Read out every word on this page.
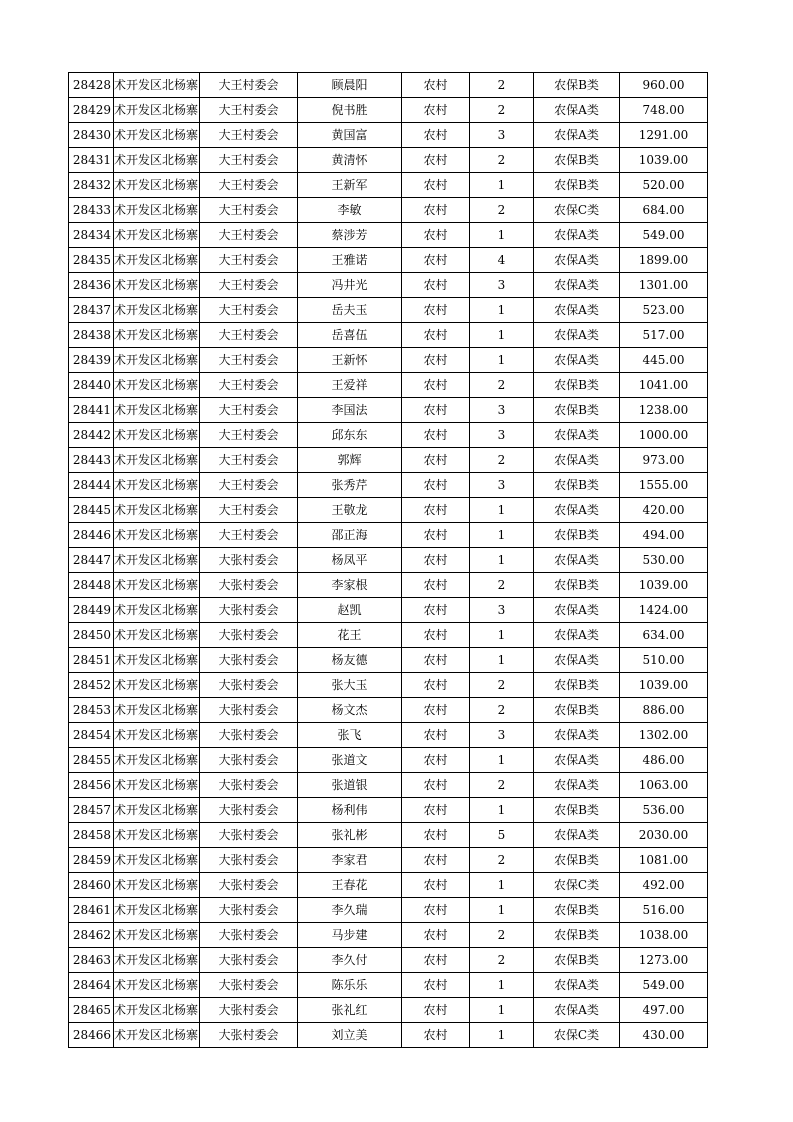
28428	术开发区北杨寨	大王村委会	顾晨阳	农村	2	农保B类	960.00
28429	术开发区北杨寨	大王村委会	倪书胜	农村	2	农保A类	748.00
28430	术开发区北杨寨	大王村委会	黄国富	农村	3	农保A类	1291.00
28431	术开发区北杨寨	大王村委会	黄清怀	农村	2	农保B类	1039.00
28432	术开发区北杨寨	大王村委会	王新军	农村	1	农保B类	520.00
28433	术开发区北杨寨	大王村委会	李敏	农村	2	农保C类	684.00
28434	术开发区北杨寨	大王村委会	蔡涉芳	农村	1	农保A类	549.00
28435	术开发区北杨寨	大王村委会	王雅诺	农村	4	农保A类	1899.00
28436	术开发区北杨寨	大王村委会	冯井光	农村	3	农保A类	1301.00
28437	术开发区北杨寨	大王村委会	岳夫玉	农村	1	农保A类	523.00
28438	术开发区北杨寨	大王村委会	岳喜伍	农村	1	农保A类	517.00
28439	术开发区北杨寨	大王村委会	王新怀	农村	1	农保A类	445.00
28440	术开发区北杨寨	大王村委会	王爱祥	农村	2	农保B类	1041.00
28441	术开发区北杨寨	大王村委会	李国法	农村	3	农保B类	1238.00
28442	术开发区北杨寨	大王村委会	邱东东	农村	3	农保A类	1000.00
28443	术开发区北杨寨	大王村委会	郭辉	农村	2	农保A类	973.00
28444	术开发区北杨寨	大王村委会	张秀芹	农村	3	农保B类	1555.00
28445	术开发区北杨寨	大王村委会	王敬龙	农村	1	农保A类	420.00
28446	术开发区北杨寨	大王村委会	邵正海	农村	1	农保B类	494.00
28447	术开发区北杨寨	大张村委会	杨凤平	农村	1	农保A类	530.00
28448	术开发区北杨寨	大张村委会	李家根	农村	2	农保B类	1039.00
28449	术开发区北杨寨	大张村委会	赵凯	农村	3	农保A类	1424.00
28450	术开发区北杨寨	大张村委会	花王	农村	1	农保A类	634.00
28451	术开发区北杨寨	大张村委会	杨友德	农村	1	农保A类	510.00
28452	术开发区北杨寨	大张村委会	张大玉	农村	2	农保B类	1039.00
28453	术开发区北杨寨	大张村委会	杨文杰	农村	2	农保B类	886.00
28454	术开发区北杨寨	大张村委会	张飞	农村	3	农保A类	1302.00
28455	术开发区北杨寨	大张村委会	张道文	农村	1	农保A类	486.00
28456	术开发区北杨寨	大张村委会	张道银	农村	2	农保A类	1063.00
28457	术开发区北杨寨	大张村委会	杨利伟	农村	1	农保B类	536.00
28458	术开发区北杨寨	大张村委会	张礼彬	农村	5	农保A类	2030.00
28459	术开发区北杨寨	大张村委会	李家君	农村	2	农保B类	1081.00
28460	术开发区北杨寨	大张村委会	王春花	农村	1	农保C类	492.00
28461	术开发区北杨寨	大张村委会	李久瑞	农村	1	农保B类	516.00
28462	术开发区北杨寨	大张村委会	马步建	农村	2	农保B类	1038.00
28463	术开发区北杨寨	大张村委会	李久付	农村	2	农保B类	1273.00
28464	术开发区北杨寨	大张村委会	陈乐乐	农村	1	农保A类	549.00
28465	术开发区北杨寨	大张村委会	张礼红	农村	1	农保A类	497.00
28466	术开发区北杨寨	大张村委会	刘立美	农村	1	农保C类	430.00
